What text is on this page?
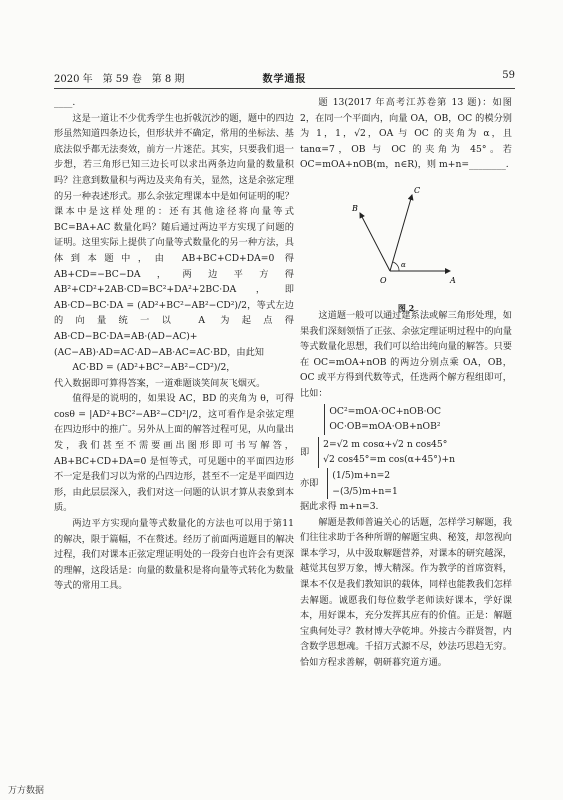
2020 年　第 59 卷　第 8 期	数学通报	59

____.

这是一道让不少优秀学生也折戟沉沙的题，题中的四边形虽然知道四条边长，但形状并不确定，常用的坐标法、基底法似乎都无法奏效，前方一片迷茫。其实，只要我们退一步想，若三角形已知三边长可以求出两条边向量的数量积吗？注意到数量积与两边及夹角有关，显然，这是余弦定理的另一种表述形式。那么余弦定理课本中是如何证明的呢？课本中是这样处理的：还有其他途径将向量等式 BC=BA+AC 数量化吗？随后通过两边平方实现了问题的证明。这里实际上提供了向量等式数量化的另一种方法，具体到本题中，由 AB+BC+CD+DA=0 得 AB+CD=−BC−DA，两边平方得 AB²+CD²+2AB·CD=BC²+DA²+2BC·DA，即 AB·CD−BC·DA = (AD²+BC²−AB²−CD²)/2，等式左边的向量统一以 A 为起点得 AB·CD−BC·DA=AB·(AD−AC)+(AC−AB)·AD=AC·AD−AB·AC=AC·BD，由此知

AC·BD = (AD²+BC²−AB²−CD²)/2，

代入数据即可算得答案，一道难题谈笑间灰飞烟灭。

值得是的说明的，如果设 AC，BD 的夹角为 θ，可得 cosθ = |AD²+BC²−AB²−CD²|/2，这可看作是余弦定理在四边形中的推广。另外从上面的解答过程可见，从向量出发，我们甚至不需要画出图形即可书写解答，AB+BC+CD+DA=0 是恒等式，可见题中的平面四边形不一定是我们习以为常的凸四边形，甚至不一定是平面四边形，由此层层深入，我们对这一问题的认识才算从表象到本质。

两边平方实现向量等式数量化的方法也可以用于第11的解决，限于篇幅，不在赘述。经历了前面两道题目的解决过程，我们对课本正弦定理证明处的一段旁白也许会有更深的理解，这段话是：向量的数量积是将向量等式转化为数量等式的常用工具。

题 13(2017 年高考江苏卷第 13 题)：如图 2，在同一个平面内，向量 OA，OB，OC 的模分别为 1，1，√2，OA 与 OC 的夹角为 α，且 tanα=7，OB 与 OC 的夹角为 45°。若 OC=mOA+nOB(m，n∈R)，则 m+n=________.

B
C
O	A
α
图 2

这道题一般可以通过建系法或解三角形处理，如果我们深刻领悟了正弦、余弦定理证明过程中的向量等式数量化思想，我们可以给出纯向量的解答。只要在 OC=mOA+nOB 的两边分别点乘 OA，OB，OC 或平方得到代数等式，任选两个解方程组即可，比如：

OC²=mOA·OC+nOB·OC
OC·OB=mOA·OB+nOB²
即
2=√2 m cosα+√2 n cos45°
√2 cos45°=m cos(α+45°)+n
亦即
(1/5)m+n=2
−(3/5)m+n=1

据此求得 m+n=3.

解题是教师普遍关心的话题，怎样学习解题，我们往往求助于各种所谓的解题宝典、秘笈，却忽视向课本学习，从中汲取解题营养，对课本的研究越深，越觉其包罗万象，博大精深。作为教学的首席资料，课本不仅是我们教知识的载体，同样也能教我们怎样去解题。诚愿我们每位数学老师读好课本，学好课本，用好课本，充分发挥其应有的价值。正是：解题宝典何处寻？教材博大孕乾坤。外接古今群贤智，内含数学思想魂。千招万式源不尽，妙法巧思趋无穷。恰如方程求善解，朝研暮究道方通。

万方数据
